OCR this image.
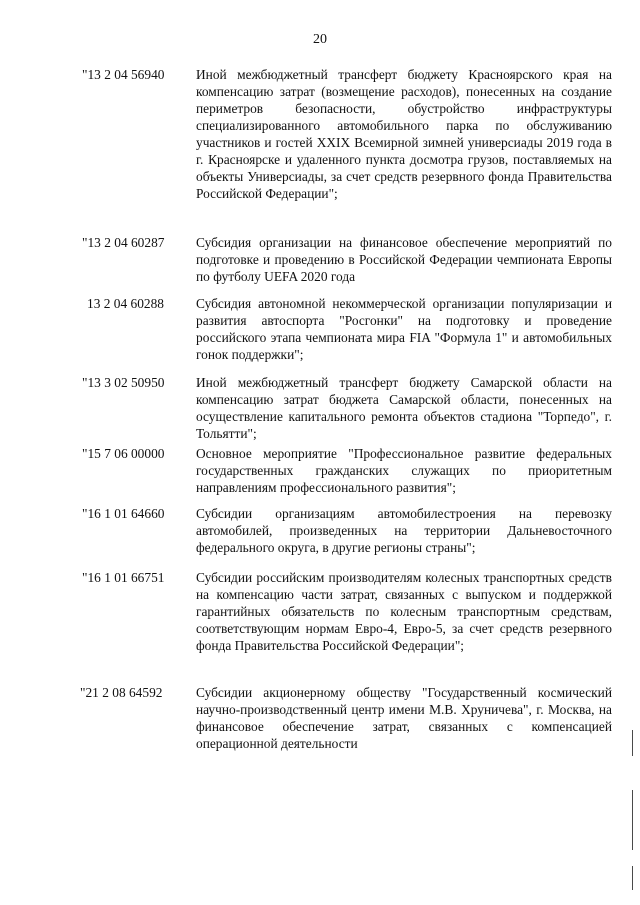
20
"13 2 04 56940 Иной межбюджетный трансферт бюджету Красноярского края на компенсацию затрат (возмещение расходов), понесенных на создание периметров безопасности, обустройство инфраструктуры специализированного автомобильного парка по обслуживанию участников и гостей XXIX Всемирной зимней универсиады 2019 года в г. Красноярске и удаленного пункта досмотра грузов, поставляемых на объекты Универсиады, за счет средств резервного фонда Правительства Российской Федерации";
"13 2 04 60287 Субсидия организации на финансовое обеспечение мероприятий по подготовке и проведению в Российской Федерации чемпионата Европы по футболу UEFA 2020 года
13 2 04 60288 Субсидия автономной некоммерческой организации популяризации и развития автоспорта "Росгонки" на подготовку и проведение российского этапа чемпионата мира FIA "Формула 1" и автомобильных гонок поддержки";
"13 3 02 50950 Иной межбюджетный трансферт бюджету Самарской области на компенсацию затрат бюджета Самарской области, понесенных на осуществление капитального ремонта объектов стадиона "Торпедо", г. Тольятти";
"15 7 06 00000 Основное мероприятие "Профессиональное развитие федеральных государственных гражданских служащих по приоритетным направлениям профессионального развития";
"16 1 01 64660 Субсидии организациям автомобилестроения на перевозку автомобилей, произведенных на территории Дальневосточного федерального округа, в другие регионы страны";
"16 1 01 66751 Субсидии российским производителям колесных транспортных средств на компенсацию части затрат, связанных с выпуском и поддержкой гарантийных обязательств по колесным транспортным средствам, соответствующим нормам Евро-4, Евро-5, за счет средств резервного фонда Правительства Российской Федерации";
"21 2 08 64592	Субсидии акционерному обществу "Государственный космический научно-производственный центр имени М.В. Хруничева", г. Москва, на финансовое обеспечение затрат, связанных с компенсацией операционной деятельности
